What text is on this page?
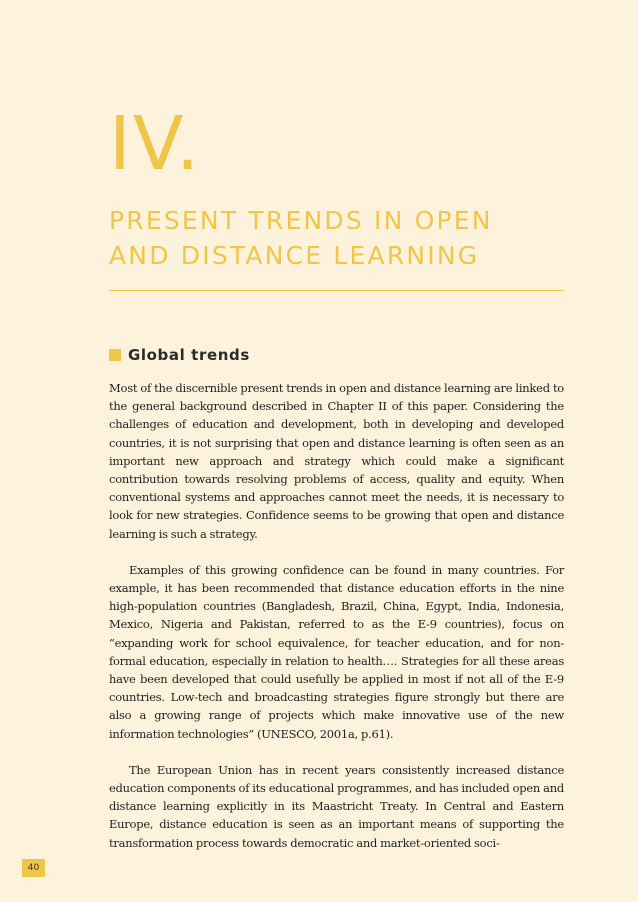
IV.
PRESENT TRENDS IN OPEN
AND DISTANCE LEARNING
Global trends

Most of the discernible present trends in open and distance learning are linked to the general background described in Chapter II of this paper. Considering the challenges of education and development, both in developing and developed countries, it is not surprising that open and distance learning is often seen as an important new approach and strategy which could make a significant contribution towards resolving problems of access, quality and equity. When conventional systems and approaches cannot meet the needs, it is necessary to look for new strategies. Confidence seems to be growing that open and distance learning is such a strategy.

Examples of this growing confidence can be found in many countries. For example, it has been recommended that distance education efforts in the nine high-population countries (Bangladesh, Brazil, China, Egypt, India, Indonesia, Mexico, Nigeria and Pakistan, referred to as the E-9 countries), focus on “expanding work for school equivalence, for teacher education, and for non-formal education, especially in relation to health…. Strategies for all these areas have been developed that could usefully be applied in most if not all of the E-9 countries. Low-tech and broadcasting strategies figure strongly but there are also a growing range of projects which make innovative use of the new information technologies” (UNESCO, 2001a, p.61).

The European Union has in recent years consistently increased distance education components of its educational programmes, and has included open and distance learning explicitly in its Maastricht Treaty. In Central and Eastern Europe, distance education is seen as an important means of supporting the transformation process towards democratic and market-oriented soci-

40
